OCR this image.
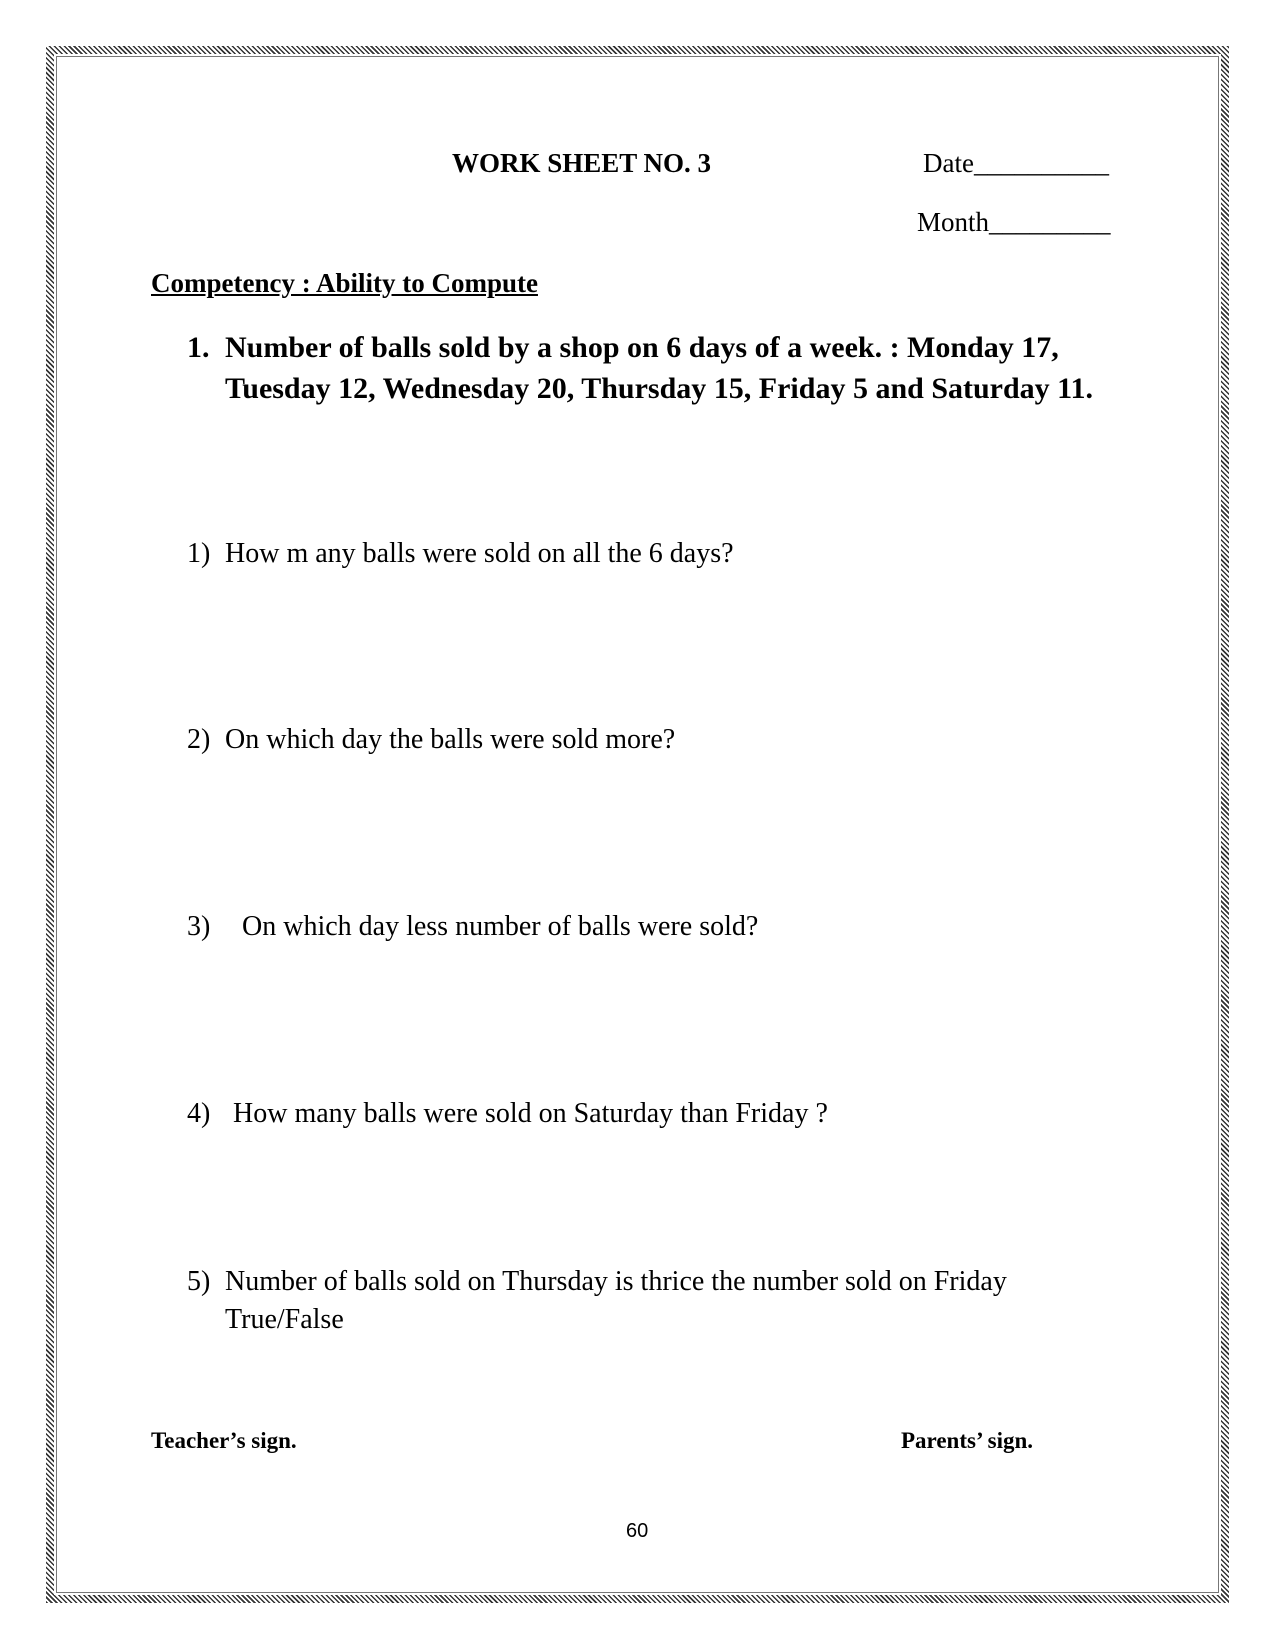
WORK SHEET NO. 3	Date__________
Month_________
Competency : Ability to Compute
1. Number of balls sold by a shop on 6 days of a week. : Monday 17, Tuesday 12, Wednesday 20, Thursday 15, Friday 5 and Saturday 11.
1) How m any balls were sold on all the 6 days?
2) On which day the balls were sold more?
3)	On which day less number of balls were sold?
4) How many balls were sold on Saturday than Friday ?
5) Number of balls sold on Thursday is thrice the number sold on Friday True/False
Teacher’s sign.	Parents’ sign.
60
